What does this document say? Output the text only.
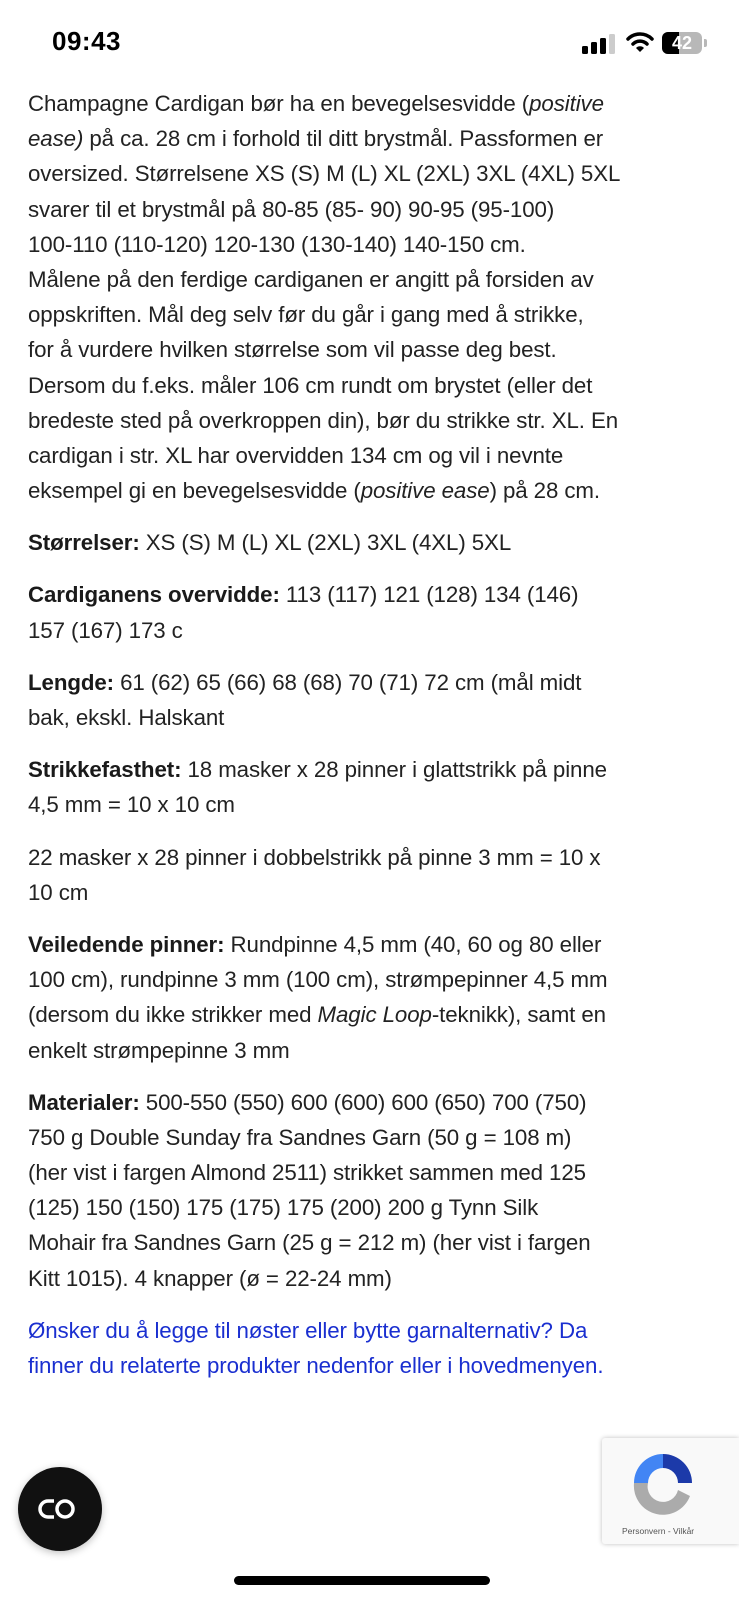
09:43	42
Champagne Cardigan bør ha en bevegelsesvidde (positive
ease) på ca. 28 cm i forhold til ditt brystmål. Passformen er
oversized. Størrelsene XS (S) M (L) XL (2XL) 3XL (4XL) 5XL
svarer til et brystmål på 80-85 (85- 90) 90-95 (95-100)
100-110 (110-120) 120-130 (130-140) 140-150 cm.
Målene på den ferdige cardiganen er angitt på forsiden av
oppskriften. Mål deg selv før du går i gang med å strikke,
for å vurdere hvilken størrelse som vil passe deg best.
Dersom du f.eks. måler 106 cm rundt om brystet (eller det
bredeste sted på overkroppen din), bør du strikke str. XL. En
cardigan i str. XL har overvidden 134 cm og vil i nevnte
eksempel gi en bevegelsesvidde (positive ease) på 28 cm.
Størrelser: XS (S) M (L) XL (2XL) 3XL (4XL) 5XL
Cardiganens overvidde: 113 (117) 121 (128) 134 (146)
157 (167) 173 c
Lengde: 61 (62) 65 (66) 68 (68) 70 (71) 72 cm (mål midt
bak, ekskl. Halskant
Strikkefasthet: 18 masker x 28 pinner i glattstrikk på pinne
4,5 mm = 10 x 10 cm
22 masker x 28 pinner i dobbelstrikk på pinne 3 mm = 10 x
10 cm
Veiledende pinner: Rundpinne 4,5 mm (40, 60 og 80 eller
100 cm), rundpinne 3 mm (100 cm), strømpepinner 4,5 mm
(dersom du ikke strikker med Magic Loop-teknikk), samt en
enkelt strømpepinne 3 mm
Materialer: 500-550 (550) 600 (600) 600 (650) 700 (750)
750 g Double Sunday fra Sandnes Garn (50 g = 108 m)
(her vist i fargen Almond 2511) strikket sammen med 125
(125) 150 (150) 175 (175) 175 (200) 200 g Tynn Silk
Mohair fra Sandnes Garn (25 g = 212 m) (her vist i fargen
Kitt 1015). 4 knapper (ø = 22-24 mm)
Ønsker du å legge til nøster eller bytte garnalternativ? Da
finner du relaterte produkter nedenfor eller i hovedmenyen.
Personvern - Vilkår
